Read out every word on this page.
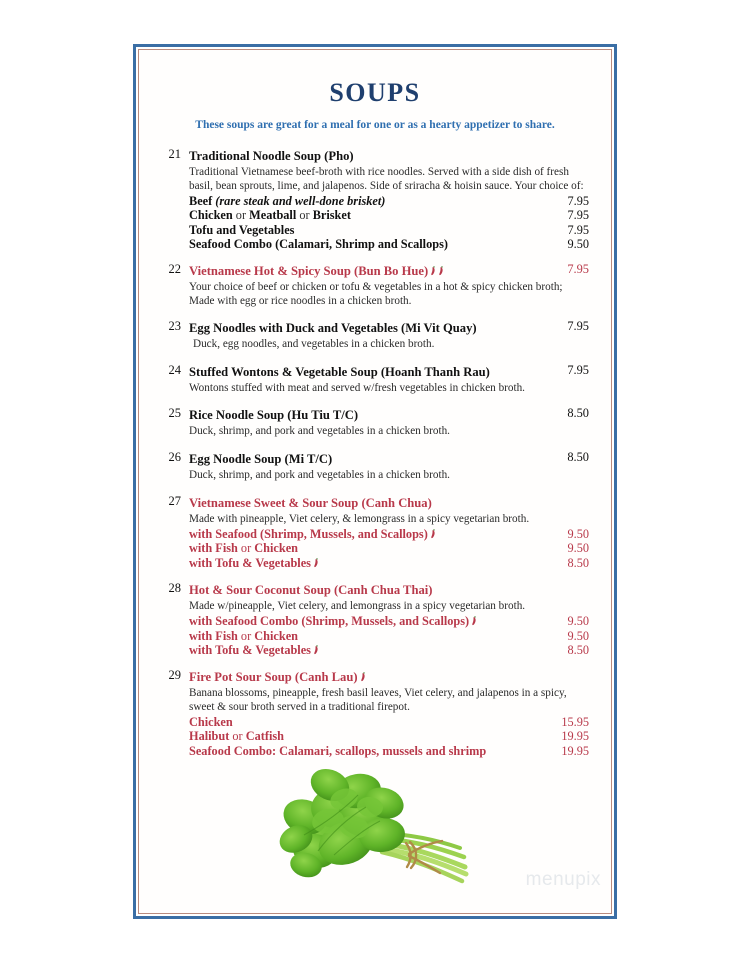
SOUPS

These soups are great for a meal for one or as a hearty appetizer to share.

21 Traditional Noodle Soup (Pho)
Traditional Vietnamese beef-broth with rice noodles. Served with a side dish of fresh basil, bean sprouts, lime, and jalapenos. Side of sriracha & hoisin sauce. Your choice of:
Beef (rare steak and well-done brisket)	7.95
Chicken or Meatball or Brisket	7.95
Tofu and Vegetables	7.95
Seafood Combo (Calamari, Shrimp and Scallops)	9.50
22 Vietnamese Hot & Spicy Soup (Bun Bo Hue)	7.95
Your choice of beef or chicken or tofu & vegetables in a hot & spicy chicken broth; Made with egg or rice noodles in a chicken broth.
23 Egg Noodles with Duck and Vegetables (Mi Vit Quay)	7.95
Duck, egg noodles, and vegetables in a chicken broth.
24 Stuffed Wontons & Vegetable Soup (Hoanh Thanh Rau)	7.95
Wontons stuffed with meat and served w/fresh vegetables in chicken broth.
25 Rice Noodle Soup (Hu Tiu T/C)	8.50
Duck, shrimp, and pork and vegetables in a chicken broth.
26 Egg Noodle Soup (Mi T/C)	8.50
Duck, shrimp, and pork and vegetables in a chicken broth.
27 Vietnamese Sweet & Sour Soup (Canh Chua)
Made with pineapple, Viet celery, & lemongrass in a spicy vegetarian broth.
with Seafood (Shrimp, Mussels, and Scallops)	9.50
with Fish or Chicken	9.50
with Tofu & Vegetables	8.50
28 Hot & Sour Coconut Soup (Canh Chua Thai)
Made w/pineapple, Viet celery, and lemongrass in a spicy vegetarian broth.
with Seafood Combo (Shrimp, Mussels, and Scallops)	9.50
with Fish or Chicken	9.50
with Tofu & Vegetables	8.50
29 Fire Pot Sour Soup (Canh Lau)
Banana blossoms, pineapple, fresh basil leaves, Viet celery, and jalapenos in a spicy, sweet & sour broth served in a traditional firepot.
Chicken	15.95
Halibut or Catfish	19.95
Seafood Combo: Calamari, scallops, mussels and shrimp	19.95
menupix
